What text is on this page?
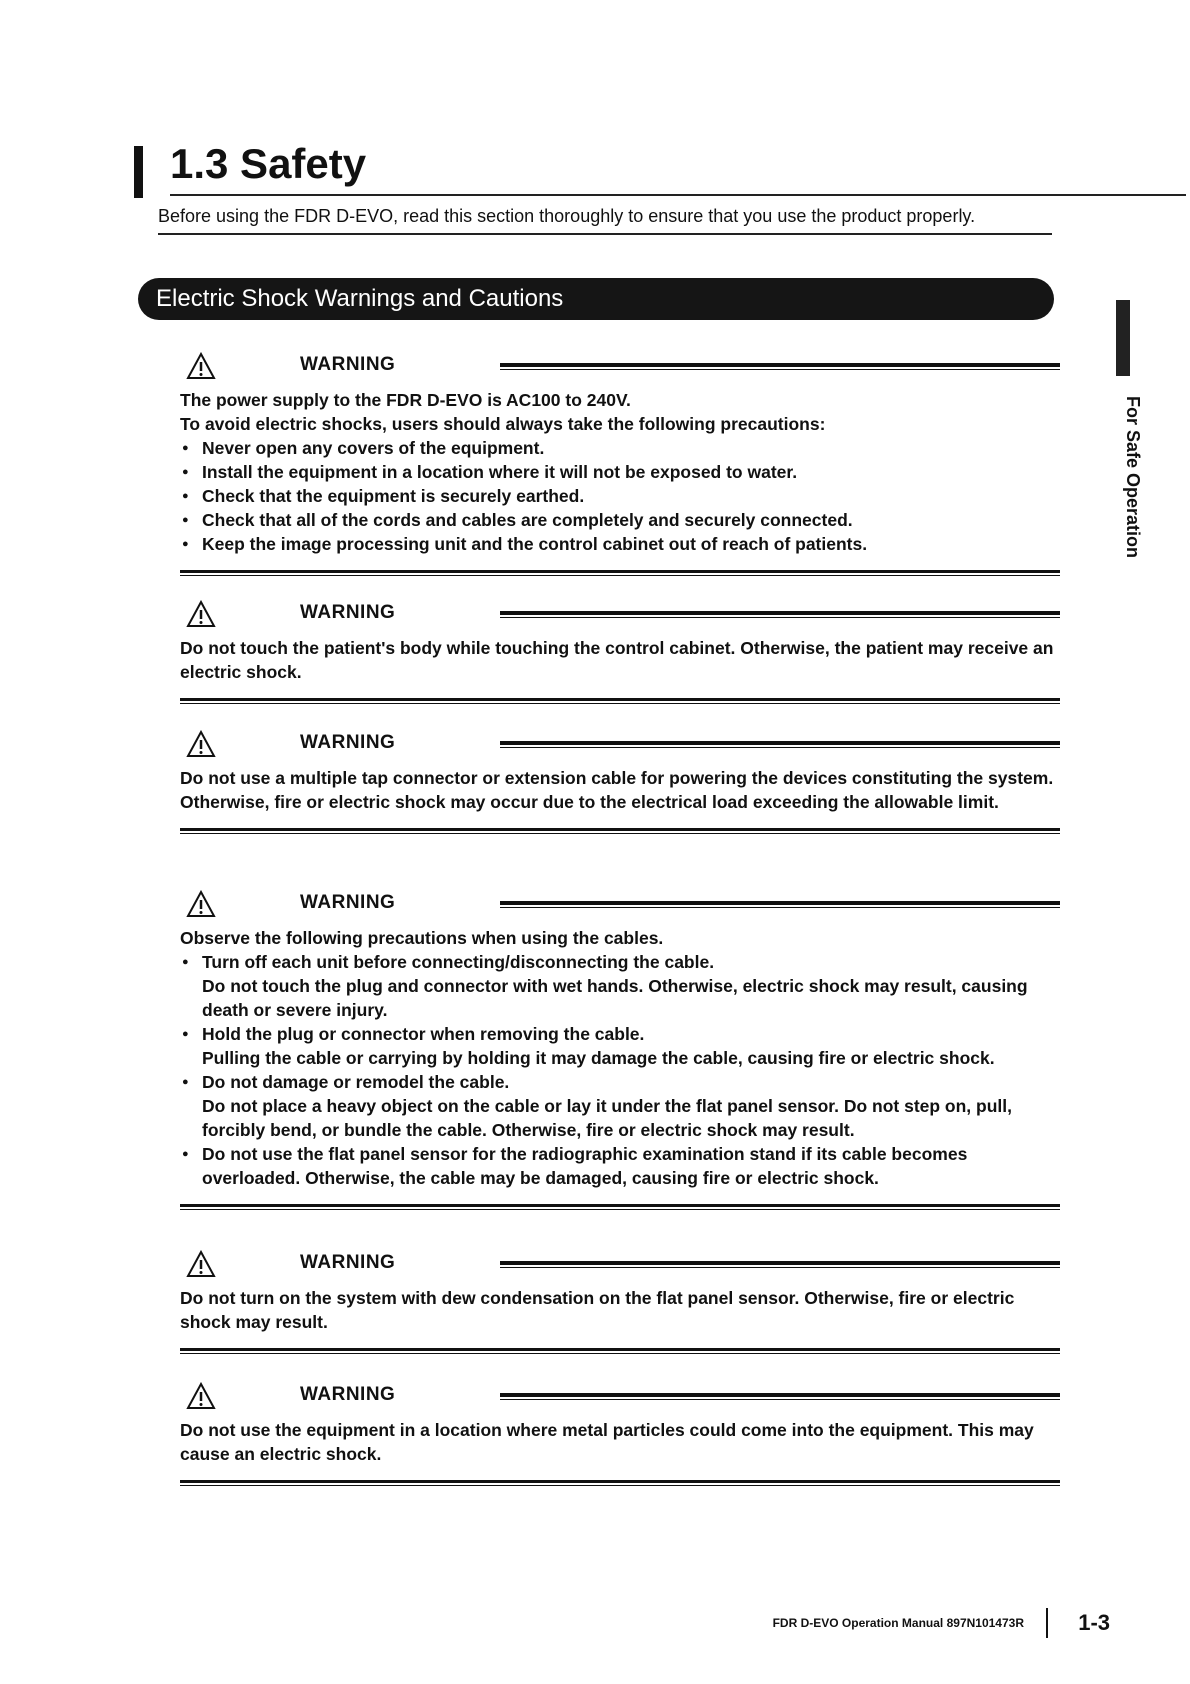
1.3 Safety
Before using the FDR D-EVO, read this section thoroughly to ensure that you use the product properly.
Electric Shock Warnings and Cautions
WARNING

The power supply to the FDR D-EVO is AC100 to 240V.

To avoid electric shocks, users should always take the following precautions:

● Never open any covers of the equipment.
● Install the equipment in a location where it will not be exposed to water.
● Check that the equipment is securely earthed.
● Check that all of the cords and cables are completely and securely connected.
● Keep the image processing unit and the control cabinet out of reach of patients.
WARNING

Do not touch the patient's body while touching the control cabinet. Otherwise, the patient may receive an electric shock.

WARNING

Do not use a multiple tap connector or extension cable for powering the devices constituting the system. Otherwise, fire or electric shock may occur due to the electrical load exceeding the allowable limit.

WARNING

Observe the following precautions when using the cables.

● Turn off each unit before connecting/disconnecting the cable.
Do not touch the plug and connector with wet hands. Otherwise, electric shock may result, causing death or severe injury.
● Hold the plug or connector when removing the cable.
Pulling the cable or carrying by holding it may damage the cable, causing fire or electric shock.
● Do not damage or remodel the cable.
Do not place a heavy object on the cable or lay it under the flat panel sensor. Do not step on, pull, forcibly bend, or bundle the cable. Otherwise, fire or electric shock may result.
● Do not use the flat panel sensor for the radiographic examination stand if its cable becomes overloaded. Otherwise, the cable may be damaged, causing fire or electric shock.
WARNING

Do not turn on the system with dew condensation on the flat panel sensor. Otherwise, fire or electric shock may result.

WARNING

Do not use the equipment in a location where metal particles could come into the equipment. This may cause an electric shock.

For Safe Operation
FDR D-EVO Operation Manual 897N101473R 1-3
